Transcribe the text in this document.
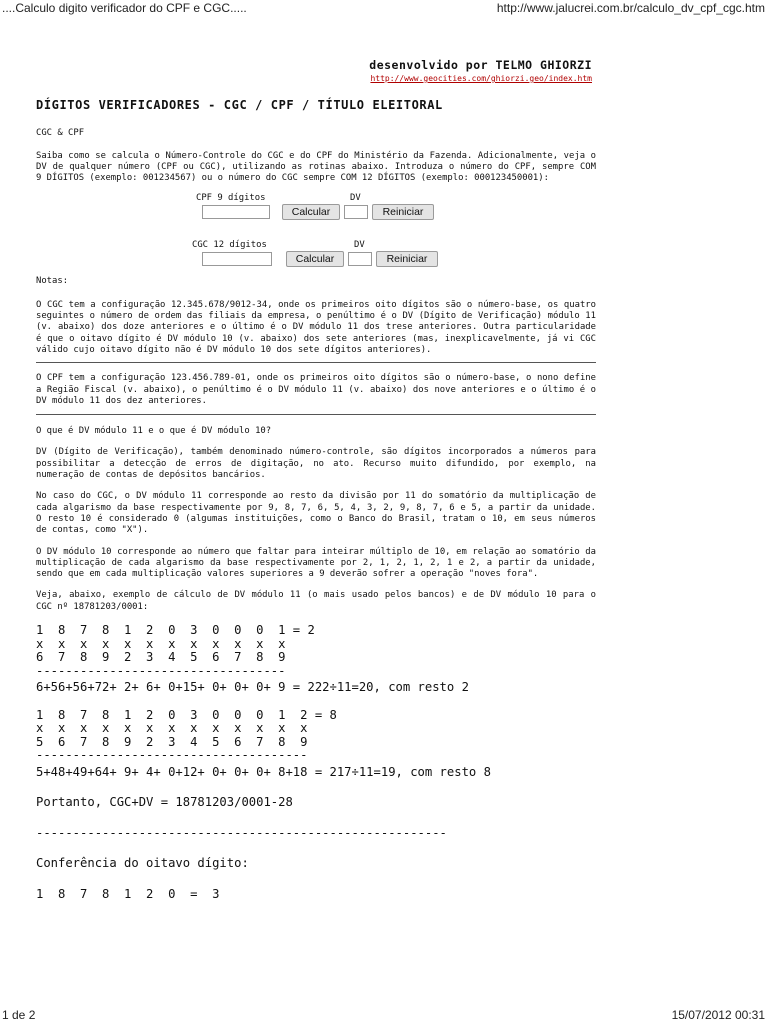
....Calculo digito verificador do CPF e CGC.....	http://www.jalucrei.com.br/calculo_dv_cpf_cgc.htm
desenvolvido por TELMO GHIORZI
http://www.geocities.com/ghiorzi.geo/index.htm
DÍGITOS VERIFICADORES - CGC / CPF / TÍTULO ELEITORAL

CGC & CPF

Saiba como se calcula o Número-Controle do CGC e do CPF do Ministério da Fazenda. Adicionalmente, veja o DV de qualquer número (CPF ou CGC), utilizando as rotinas abaixo. Introduza o número do CPF, sempre COM 9 DÍGITOS (exemplo: 001234567) ou o número do CGC sempre COM 12 DÍGITOS (exemplo: 000123450001):

CPF 9 dígitos	DV
Calcular	Reiniciar
CGC 12 dígitos	DV
Calcular	Reiniciar

Notas:

O CGC tem a configuração 12.345.678/9012-34, onde os primeiros oito dígitos são o número-base, os quatro seguintes o número de ordem das filiais da empresa, o penúltimo é o DV (Dígito de Verificação) módulo 11 (v. abaixo) dos doze anteriores e o último é o DV módulo 11 dos trese anteriores. Outra particularidade é que o oitavo dígito é DV módulo 10 (v. abaixo) dos sete anteriores (mas, inexplicavelmente, já vi CGC válido cujo oitavo dígito não é DV módulo 10 dos sete dígitos anteriores).

O CPF tem a configuração 123.456.789-01, onde os primeiros oito dígitos são o número-base, o nono define a Região Fiscal (v. abaixo), o penúltimo é o DV módulo 11 (v. abaixo) dos nove anteriores e o último é o DV módulo 11 dos dez anteriores.

O que é DV módulo 11 e o que é DV módulo 10?

DV (Dígito de Verificação), também denominado número-controle, são dígitos incorporados a números para possibilitar a detecção de erros de digitação, no ato. Recurso muito difundido, por exemplo, na numeração de contas de depósitos bancários.

No caso do CGC, o DV módulo 11 corresponde ao resto da divisão por 11 do somatório da multiplicação de cada algarismo da base respectivamente por 9, 8, 7, 6, 5, 4, 3, 2, 9, 8, 7, 6 e 5, a partir da unidade. O resto 10 é considerado 0 (algumas instituições, como o Banco do Brasil, tratam o 10, em seus números de contas, como "X").

O DV módulo 10 corresponde ao número que faltar para inteirar múltiplo de 10, em relação ao somatório da multiplicação de cada algarismo da base respectivamente por 2, 1, 2, 1, 2, 1 e 2, a partir da unidade, sendo que em cada multiplicação valores superiores a 9 deverão sofrer a operação "noves fora".

Veja, abaixo, exemplo de cálculo de DV módulo 11 (o mais usado pelos bancos) e de DV módulo 10 para o CGC nº 18781203/0001:

1  8  7  8  1  2  0  3  0  0  0  1 = 2
x  x  x  x  x  x  x  x  x  x  x  x
6  7  8  9  2  3  4  5  6  7  8  9
----------------------------------
6+56+56+72+ 2+ 6+ 0+15+ 0+ 0+ 0+ 9 = 222÷11=20, com resto 2
1  8  7  8  1  2  0  3  0  0  0  1  2 = 8
x  x  x  x  x  x  x  x  x  x  x  x  x
5  6  7  8  9  2  3  4  5  6  7  8  9
-------------------------------------
5+48+49+64+ 9+ 4+ 0+12+ 0+ 0+ 0+ 8+18 = 217÷11=19, com resto 8
Portanto, CGC+DV = 18781203/0001-28
--------------------------------------------------------
Conferência do oitavo dígito:
1  8  7  8  1  2  0  =  3
1 de 2	15/07/2012 00:31
